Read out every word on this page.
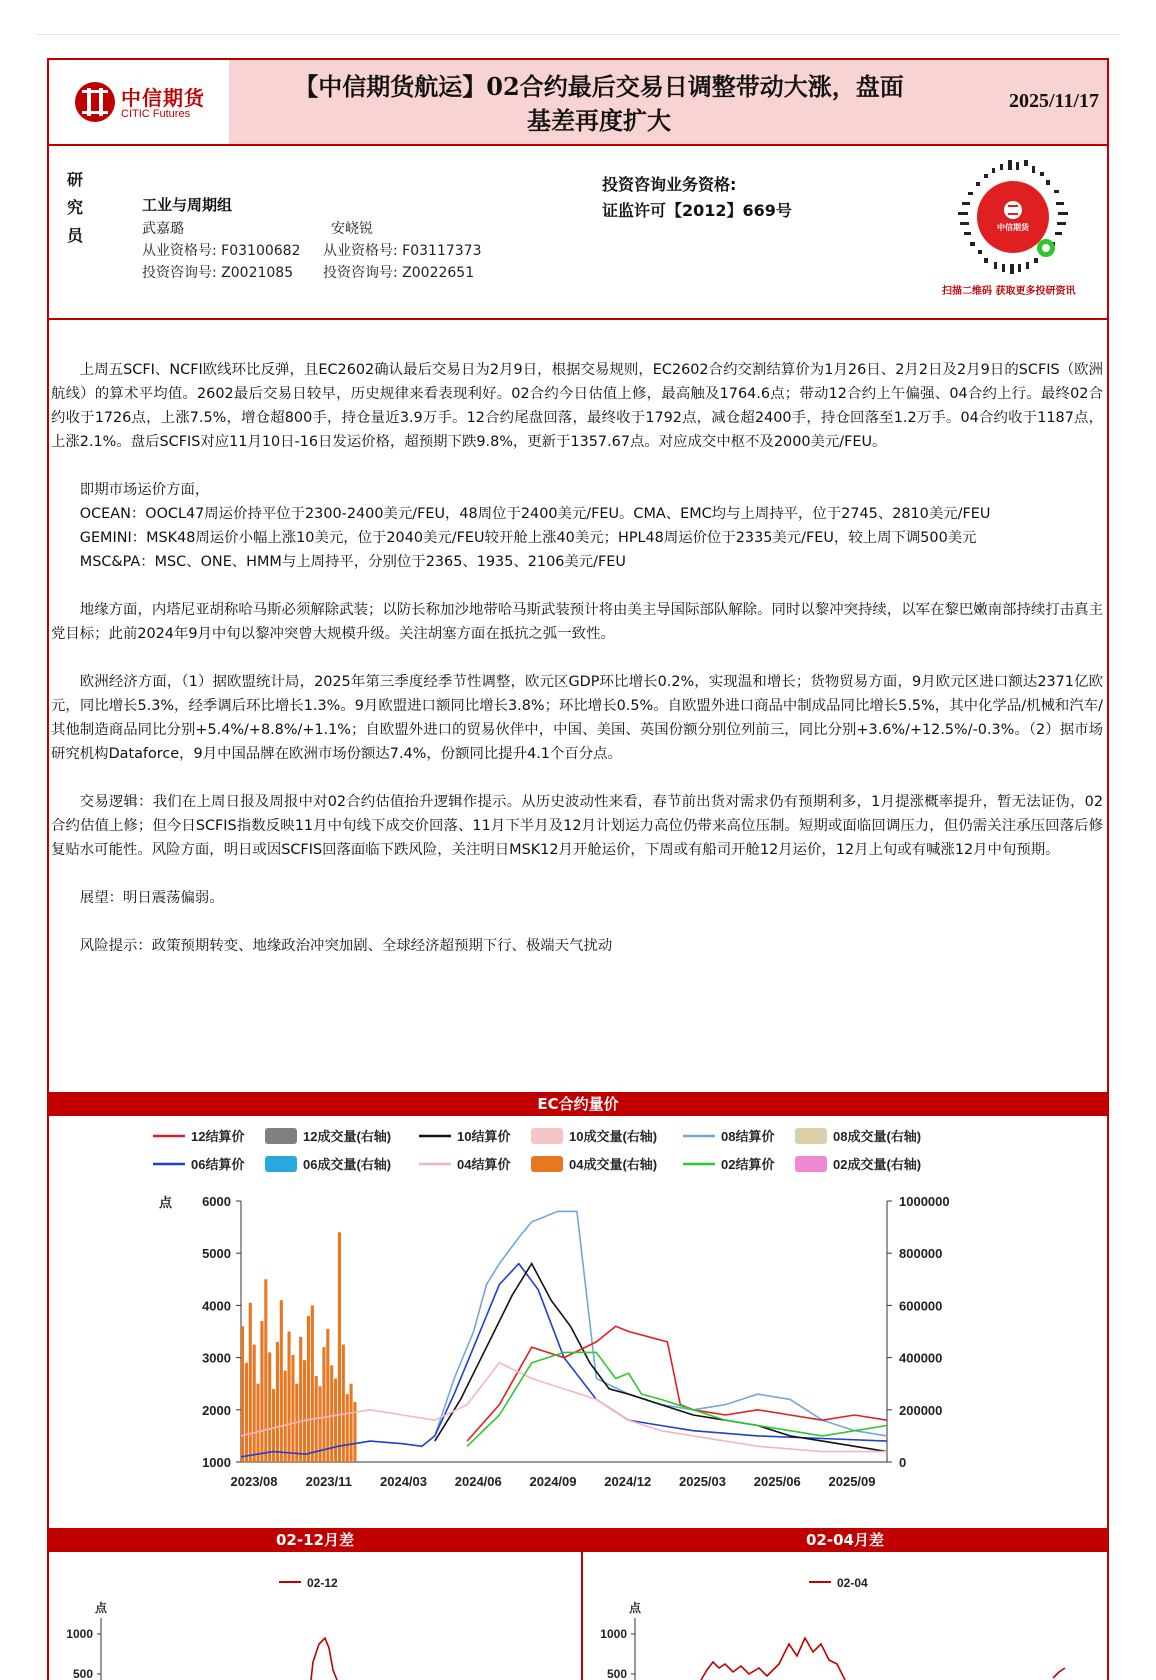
中信期货
CITIC Futures
【中信期货航运】02合约最后交易日调整带动大涨，盘面
基差再度扩大
2025/11/17
研
究
员
工业与周期组
武嘉璐	安峣锐
从业资格号: F03100682 从业资格号: F03117373
投资咨询号: Z0021085 投资咨询号: Z0022651
投资咨询业务资格:
证监许可【2012】669号
中信期货
扫描二维码 获取更多投研资讯

上周五SCFI、NCFI欧线环比反弹，且EC2602确认最后交易日为2月9日，根据交易规则，EC2602合约交割结算价为1月26日、2月2日及2月9日的SCFIS（欧洲航线）的算术平均值。2602最后交易日较早，历史规律来看表现利好。02合约今日估值上修，最高触及1764.6点；带动12合约上午偏强、04合约上行。最终02合约收于1726点，上涨7.5%，增仓超800手，持仓量近3.9万手。12合约尾盘回落，最终收于1792点，减仓超2400手，持仓回落至1.2万手。04合约收于1187点，上涨2.1%。盘后SCFIS对应11月10日-16日发运价格，超预期下跌9.8%，更新于1357.67点。对应成交中枢不及2000美元/FEU。

即期市场运价方面，
OCEAN：OOCL47周运价持平位于2300-2400美元/FEU，48周位于2400美元/FEU。CMA、EMC均与上周持平，位于2745、2810美元/FEU
GEMINI：MSK48周运价小幅上涨10美元，位于2040美元/FEU较开舱上涨40美元；HPL48周运价位于2335美元/FEU，较上周下调500美元
MSC&PA：MSC、ONE、HMM与上周持平，分别位于2365、1935、2106美元/FEU

地缘方面，内塔尼亚胡称哈马斯必须解除武装；以防长称加沙地带哈马斯武装预计将由美主导国际部队解除。同时以黎冲突持续，以军在黎巴嫩南部持续打击真主党目标；此前2024年9月中旬以黎冲突曾大规模升级。关注胡塞方面在抵抗之弧一致性。

欧洲经济方面，（1）据欧盟统计局，2025年第三季度经季节性调整，欧元区GDP环比增长0.2%，实现温和增长；货物贸易方面，9月欧元区进口额达2371亿欧元，同比增长5.3%，经季调后环比增长1.3%。9月欧盟进口额同比增长3.8%；环比增长0.5%。自欧盟外进口商品中制成品同比增长5.5%，其中化学品/机械和汽车/其他制造商品同比分别+5.4%/+8.8%/+1.1%；自欧盟外进口的贸易伙伴中，中国、美国、英国份额分别位列前三，同比分别+3.6%/+12.5%/-0.3%。（2）据市场研究机构Dataforce，9月中国品牌在欧洲市场份额达7.4%，份额同比提升4.1个百分点。

交易逻辑：我们在上周日报及周报中对02合约估值抬升逻辑作提示。从历史波动性来看，春节前出货对需求仍有预期利多，1月提涨概率提升，暂无法证伪，02合约估值上修；但今日SCFIS指数反映11月中旬线下成交价回落、11月下半月及12月计划运力高位仍带来高位压制。短期或面临回调压力，但仍需关注承压回落后修复贴水可能性。风险方面，明日或因SCFIS回落面临下跌风险，关注明日MSK12月开舱运价，下周或有船司开舱12月运价，12月上旬或有喊涨12月中旬预期。

展望：明日震荡偏弱。

风险提示：政策预期转变、地缘政治冲突加剧、全球经济超预期下行、极端天气扰动

EC合约量价
12结算价	12成交量(右轴)	10结算价	10成交量(右轴)	08结算价	08成交量(右轴)
06结算价	06成交量(右轴)	04结算价	04成交量(右轴)	02结算价	02成交量(右轴)
点
1000
2000
3000
4000
5000
6000
0
200000
400000
600000
800000
1000000
2023/08 2023/11 2024/03 2024/06 2024/09 2024/12 2025/03 2025/06 2025/09
02-12月差	02-04月差
02-12
点
500
1000
02-04
点
500
1000
